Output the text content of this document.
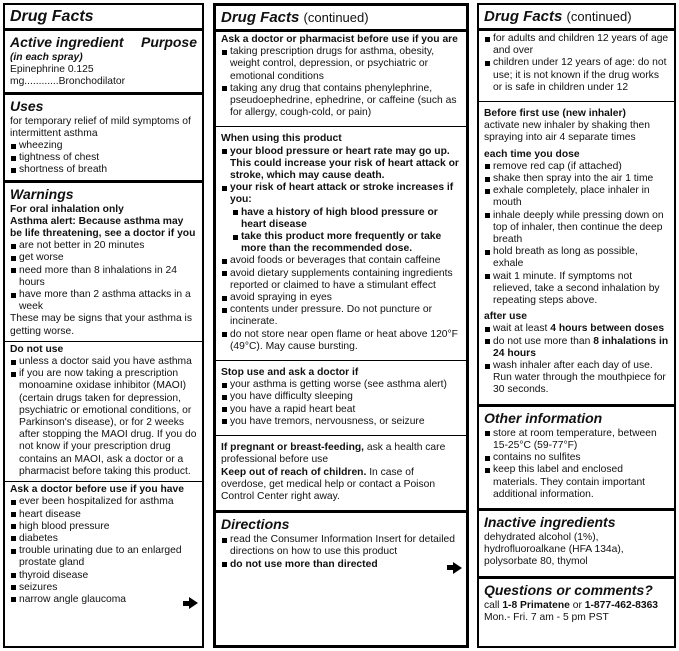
Drug Facts
Active ingredient Purpose
(in each spray)
Epinephrine 0.125 mg............Bronchodilator
Uses
for temporary relief of mild symptoms of intermittent asthma
wheezing
tightness of chest
shortness of breath
Warnings
For oral inhalation only
Asthma alert: Because asthma may be life threatening, see a doctor if you
are not better in 20 minutes
get worse
need more than 8 inhalations in 24 hours
have more than 2 asthma attacks in a week
These may be signs that your asthma is getting worse.
Do not use
unless a doctor said you have asthma
if you are now taking a prescription monoamine oxidase inhibitor (MAOI) (certain drugs taken for depression, psychiatric or emotional conditions, or Parkinson's disease), or for 2 weeks after stopping the MAOI drug. If you do not know if your prescription drug contains an MAOI, ask a doctor or a pharmacist before taking this product.
Ask a doctor before use if you have
ever been hospitalized for asthma
heart disease
high blood pressure
diabetes
trouble urinating due to an enlarged prostate gland
thyroid disease
seizures
narrow angle glaucoma
Drug Facts (continued)
Ask a doctor or pharmacist before use if you are
taking prescription drugs for asthma, obesity, weight control, depression, or psychiatric or emotional conditions
taking any drug that contains phenylephrine, pseudoephedrine, ephedrine, or caffeine (such as for allergy, cough-cold, or pain)
When using this product
your blood pressure or heart rate may go up. This could increase your risk of heart attack or stroke, which may cause death.
your risk of heart attack or stroke increases if you:
have a history of high blood pressure or heart disease
take this product more frequently or take more than the recommended dose.
avoid foods or beverages that contain caffeine
avoid dietary supplements containing ingredients reported or claimed to have a stimulant effect
avoid spraying in eyes
contents under pressure. Do not puncture or incinerate.
do not store near open flame or heat above 120°F (49°C). May cause bursting.
Stop use and ask a doctor if
your asthma is getting worse (see asthma alert)
you have difficulty sleeping
you have a rapid heart beat
you have tremors, nervousness, or seizure
If pregnant or breast-feeding, ask a health care professional before use
Keep out of reach of children. In case of overdose, get medical help or contact a Poison Control Center right away.
Directions
read the Consumer Information Insert for detailed directions on how to use this product
do not use more than directed
Drug Facts (continued)
for adults and children 12 years of age and over
children under 12 years of age: do not use; it is not known if the drug works or is safe in children under 12
Before first use (new inhaler)
activate new inhaler by shaking then spraying into air 4 separate times
each time you dose
remove red cap (if attached)
shake then spray into the air 1 time
exhale completely, place inhaler in mouth
inhale deeply while pressing down on top of inhaler, then continue the deep breath
hold breath as long as possible, exhale
wait 1 minute. If symptoms not relieved, take a second inhalation by repeating steps above.
after use
wait at least 4 hours between doses
do not use more than 8 inhalations in 24 hours
wash inhaler after each day of use. Run water through the mouthpiece for 30 seconds.
Other information
store at room temperature, between 15-25°C (59-77°F)
contains no sulfites
keep this label and enclosed materials. They contain important additional information.
Inactive ingredients
dehydrated alcohol (1%), hydrofluoroalkane (HFA 134a), polysorbate 80, thymol
Questions or comments?
call 1-8 Primatene or 1-877-462-8363
Mon.- Fri. 7 am - 5 pm PST
